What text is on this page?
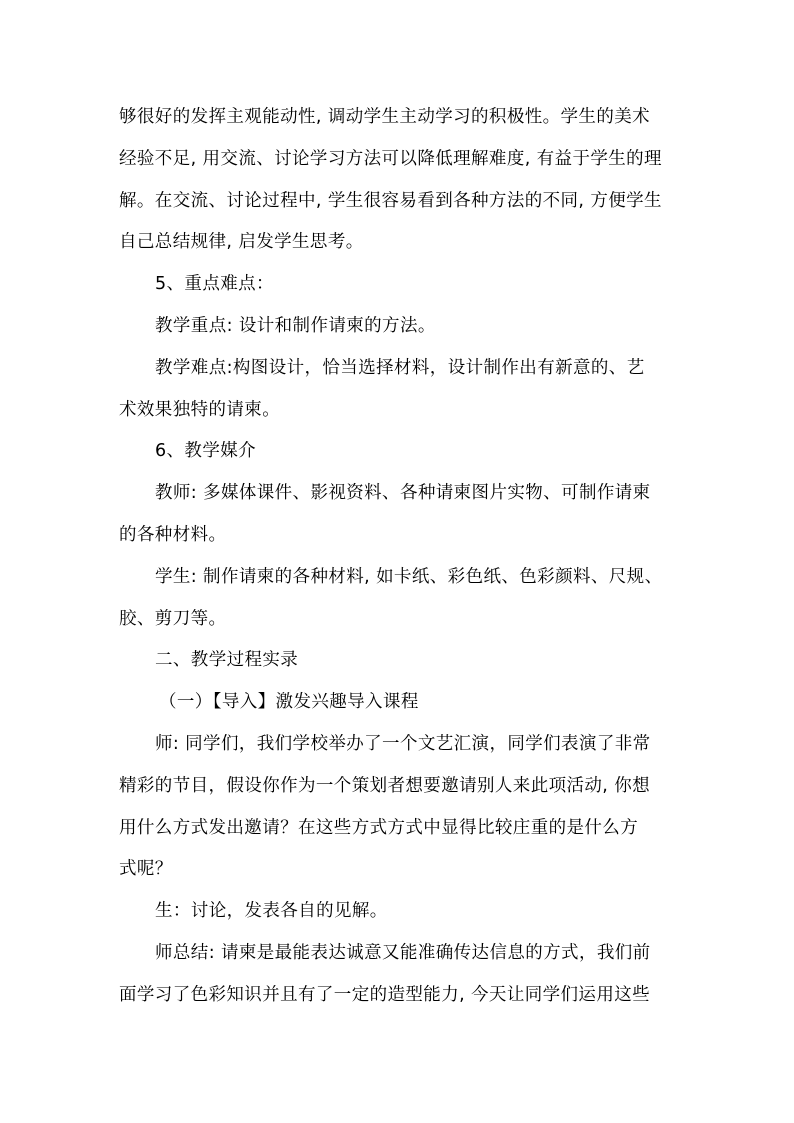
够很好的发挥主观能动性, 调动学生主动学习的积极性。学生的美术

经验不足, 用交流、讨论学习方法可以降低理解难度, 有益于学生的理

解。在交流、讨论过程中, 学生很容易看到各种方法的不同, 方便学生

自己总结规律, 启发学生思考。

5、重点难点：

教学重点: 设计和制作请柬的方法。

教学难点:构图设计，恰当选择材料，设计制作出有新意的、艺

术效果独特的请柬。

6、教学媒介

教师: 多媒体课件、影视资料、各种请柬图片实物、可制作请柬

的各种材料。

学生: 制作请柬的各种材料, 如卡纸、彩色纸、色彩颜料、尺规、

胶、剪刀等。

二、教学过程实录

（一）【导入】激发兴趣导入课程

师: 同学们，我们学校举办了一个文艺汇演，同学们表演了非常

精彩的节目，假设你作为一个策划者想要邀请别人来此项活动, 你想

用什么方式发出邀请？在这些方式方式中显得比较庄重的是什么方

式呢？

生：讨论，发表各自的见解。

师总结: 请柬是最能表达诚意又能准确传达信息的方式，我们前

面学习了色彩知识并且有了一定的造型能力, 今天让同学们运用这些
